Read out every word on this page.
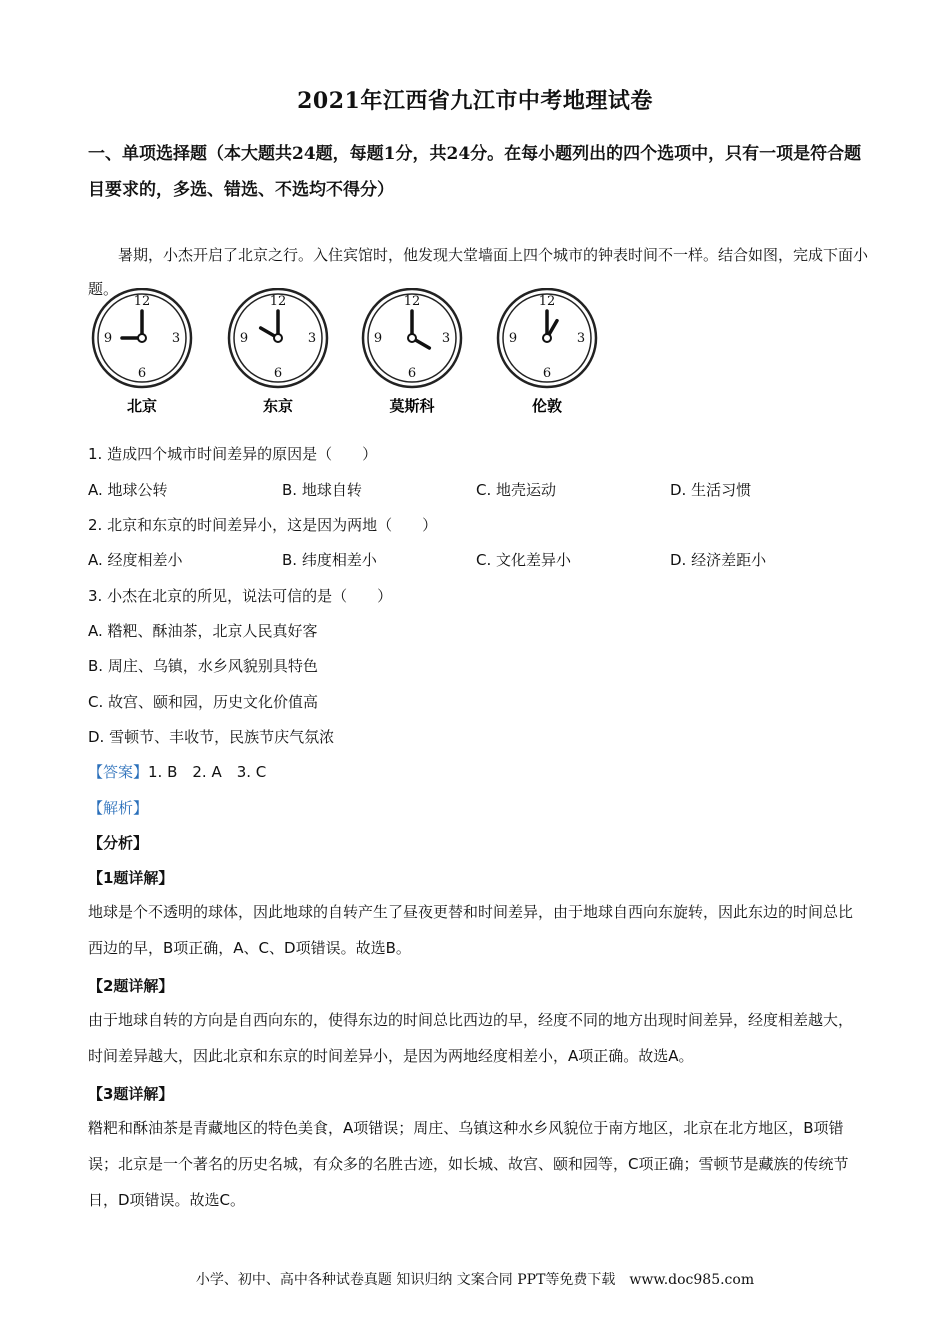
2021年江西省九江市中考地理试卷
一、单项选择题（本大题共24题，每题1分，共24分。在每小题列出的四个选项中，只有一项是符合题目要求的，多选、错选、不选均不得分）
暑期，小杰开启了北京之行。入住宾馆时，他发现大堂墙面上四个城市的钟表时间不一样。结合如图，完成下面小题。
12
3
6
9
12
3
6
9
12
3
6
9
12
3
6
9
北京	东京	莫斯科	伦敦
1. 造成四个城市时间差异的原因是（　　）
A. 地球公转	B. 地球自转	C. 地壳运动	D. 生活习惯
2. 北京和东京的时间差异小，这是因为两地（　　）
A. 经度相差小	B. 纬度相差小	C. 文化差异小	D. 经济差距小
3. 小杰在北京的所见，说法可信的是（　　）
A. 糌粑、酥油茶，北京人民真好客
B. 周庄、乌镇，水乡风貌别具特色
C. 故宫、颐和园，历史文化价值高
D. 雪顿节、丰收节，民族节庆气氛浓
【答案】1. B　2. A　3. C
【解析】
【分析】
【1题详解】
地球是个不透明的球体，因此地球的自转产生了昼夜更替和时间差异，由于地球自西向东旋转，因此东边的时间总比西边的早，B项正确，A、C、D项错误。故选B。
【2题详解】
由于地球自转的方向是自西向东的，使得东边的时间总比西边的早，经度不同的地方出现时间差异，经度相差越大，时间差异越大，因此北京和东京的时间差异小，是因为两地经度相差小，A项正确。故选A。
【3题详解】
糌粑和酥油茶是青藏地区的特色美食，A项错误；周庄、乌镇这种水乡风貌位于南方地区，北京在北方地区，B项错误；北京是一个著名的历史名城，有众多的名胜古迹，如长城、故宫、颐和园等，C项正确；雪顿节是藏族的传统节日，D项错误。故选C。
小学、初中、高中各种试卷真题 知识归纳 文案合同 PPT等免费下载　www.doc985.com
